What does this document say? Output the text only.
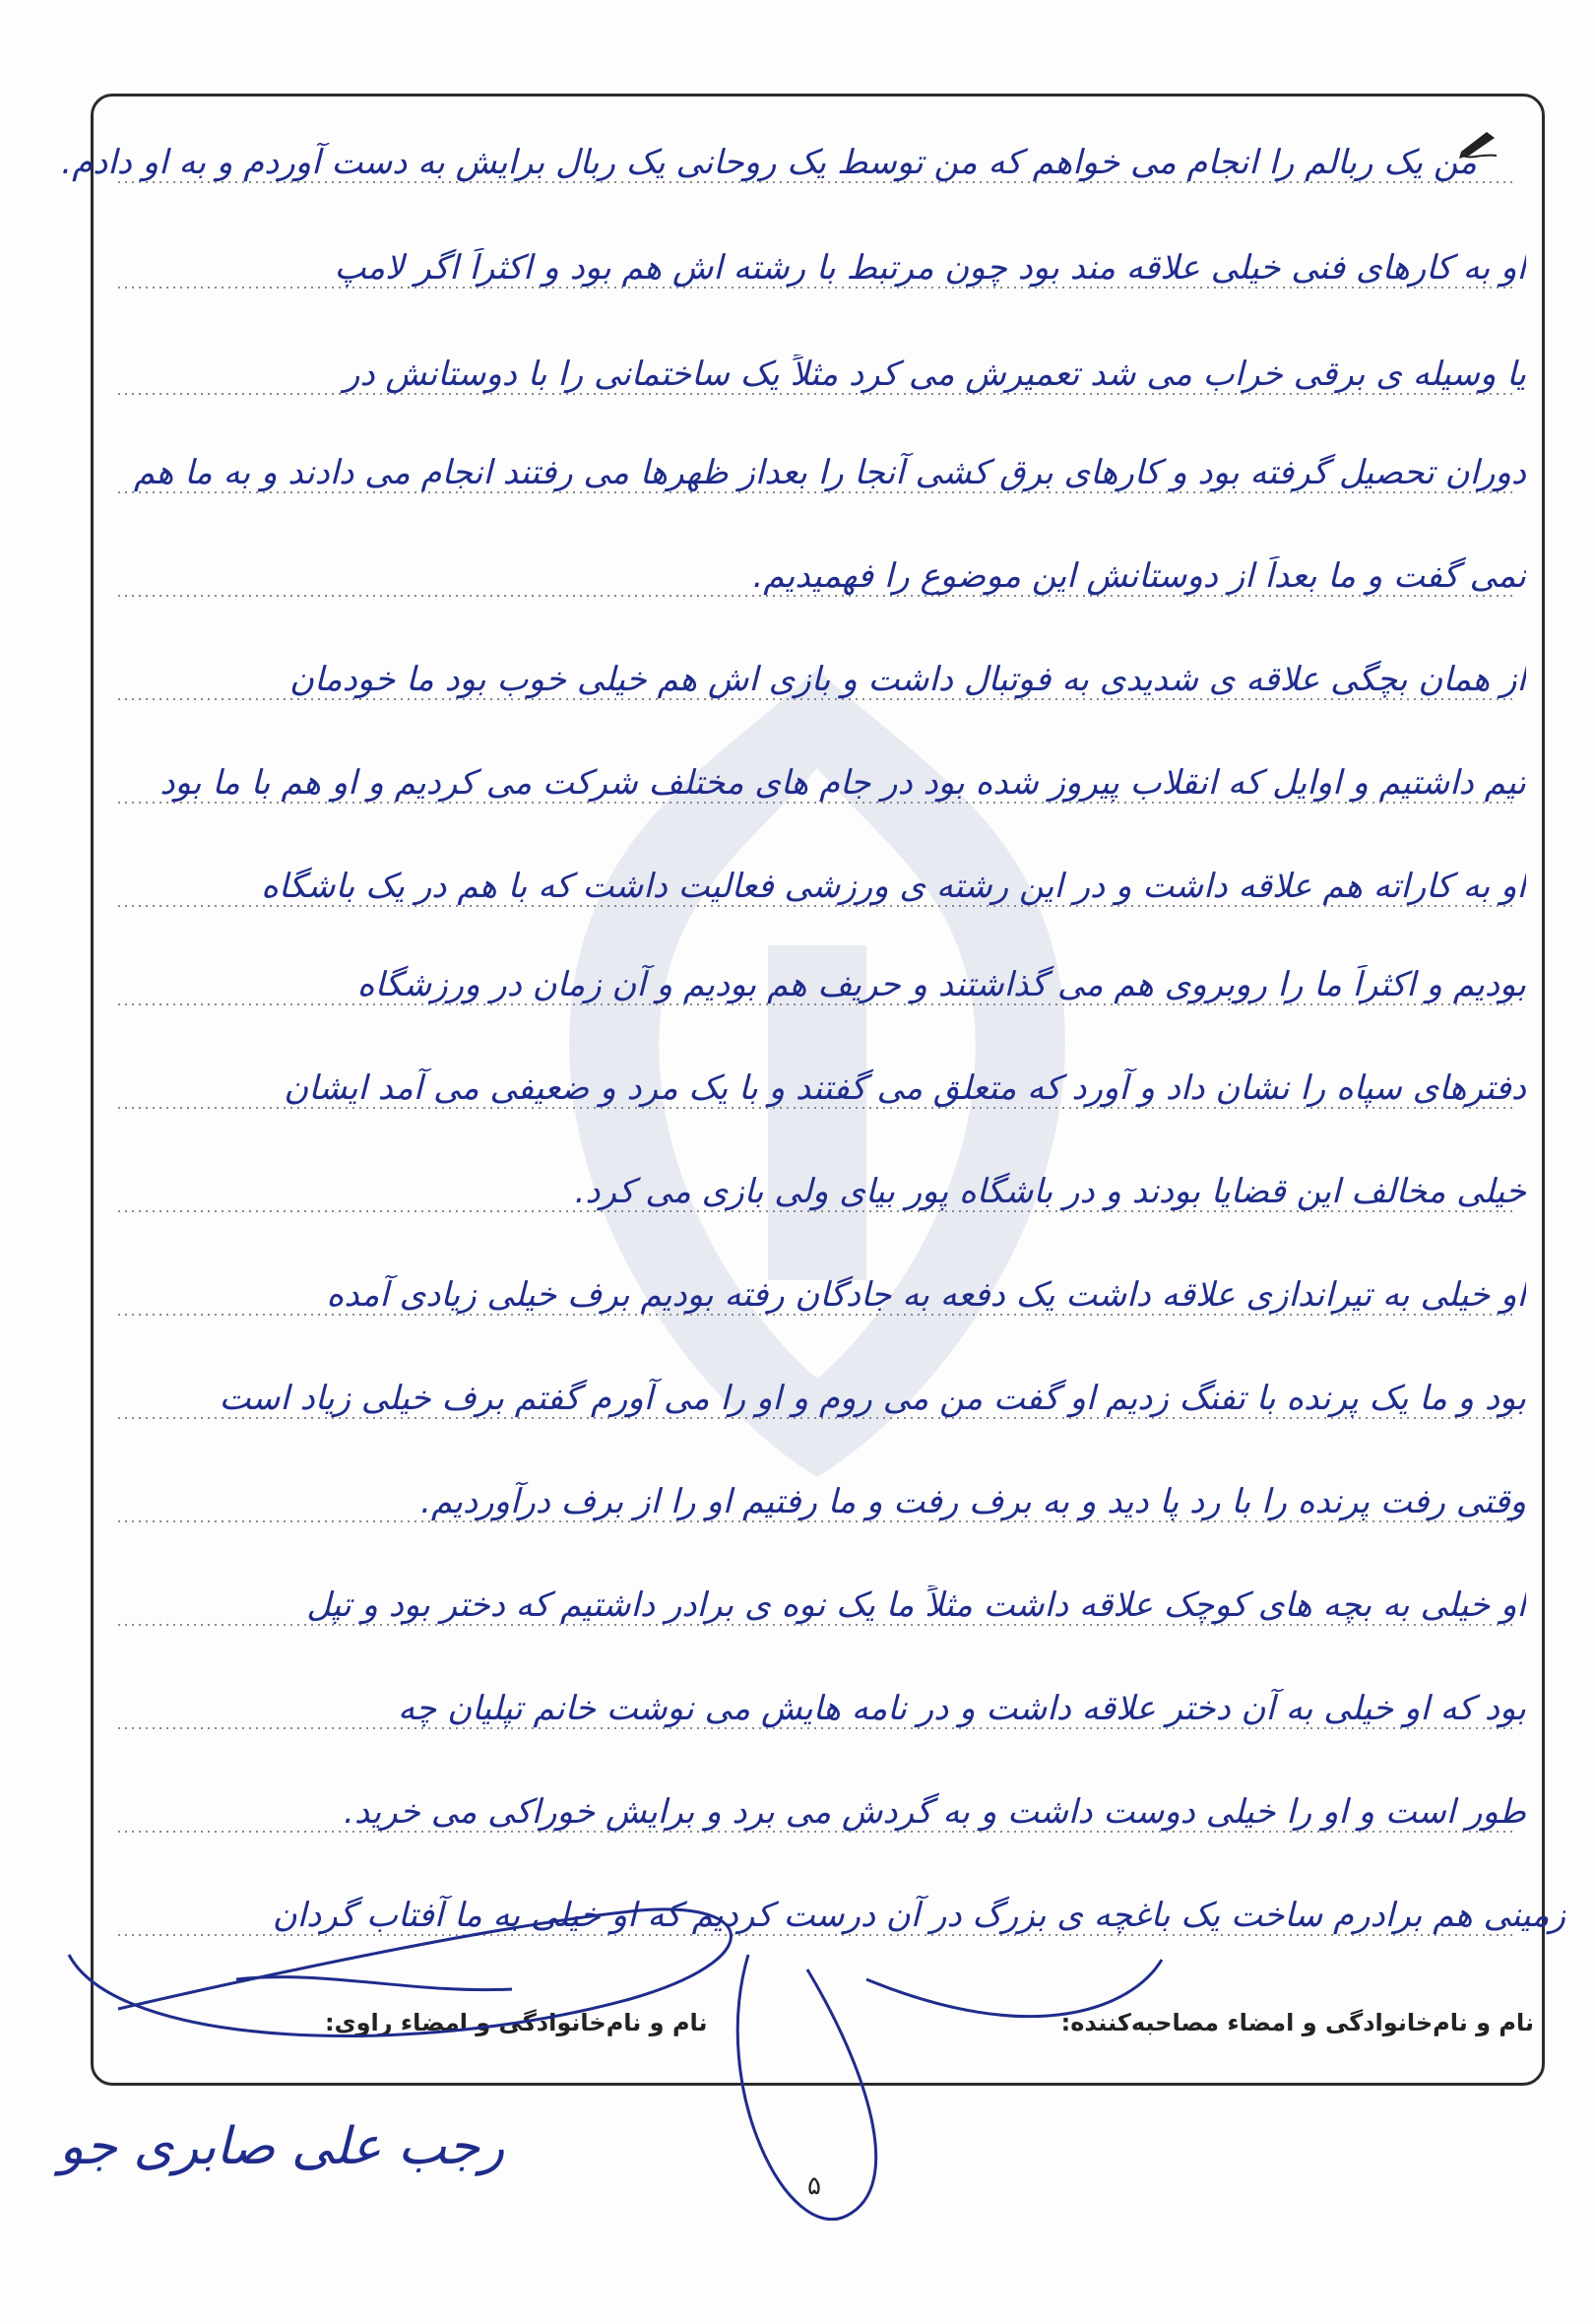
من یک ربالم را انجام می خواهم که من توسط یک روحانی یک ربال برایش به دست آوردم و به او دادم.
او به کارهای فنی خیلی علاقه مند بود چون مرتبط با رشته اش هم بود و اکثراً اگر لامپ
یا وسیله ی برقی خراب می شد تعمیرش می کرد مثلاً یک ساختمانی را با دوستانش در
دوران تحصیل گرفته بود و کارهای برق کشی آنجا را بعداز ظهرها می رفتند انجام می دادند و به ما هم
نمی گفت و ما بعداً از دوستانش این موضوع را فهمیدیم.
از همان بچگی علاقه ی شدیدی به فوتبال داشت و بازی اش هم خیلی خوب بود ما خودمان
تیم داشتیم و اوایل که انقلاب پیروز شده بود در جام های مختلف شرکت می کردیم و او هم با ما بود
او به کاراته هم علاقه داشت و در این رشته ی ورزشی فعالیت داشت که با هم در یک باشگاه
بودیم و اکثراً ما را روبروی هم می گذاشتند و حریف هم بودیم و آن زمان در ورزشگاه
دفترهای سپاه را نشان داد و آورد که متعلق می گفتند و با یک مرد و ضعیفی می آمد ایشان
خیلی مخالف این قضایا بودند و در باشگاه پور بیای ولی بازی می کرد.
او خیلی به تیراندازی علاقه داشت یک دفعه به جادگان رفته بودیم برف خیلی زیادی آمده
بود و ما یک پرنده با تفنگ زدیم او گفت من می روم و او را می آورم گفتم برف خیلی زیاد است
وقتی رفت پرنده را با رد پا دید و به برف رفت و ما رفتیم او را از برف درآوردیم.
او خیلی به بچه های کوچک علاقه داشت مثلاً ما یک نوه ی برادر داشتیم که دختر بود و تپل
بود که او خیلی به آن دختر علاقه داشت و در نامه هایش می نوشت خانم تپلیان چه
طور است و او را خیلی دوست داشت و به گردش می برد و برایش خوراکی می خرید.
زمینی هم برادرم ساخت یک باغچه ی بزرگ در آن درست کردیم که او خیلی به ما آفتاب گردان
نام و نام‌خانوادگی و امضاء مصاحبه‌کننده:
نام و نام‌خانوادگی و امضاء راوی:
رجب علی صابری جو
۵
